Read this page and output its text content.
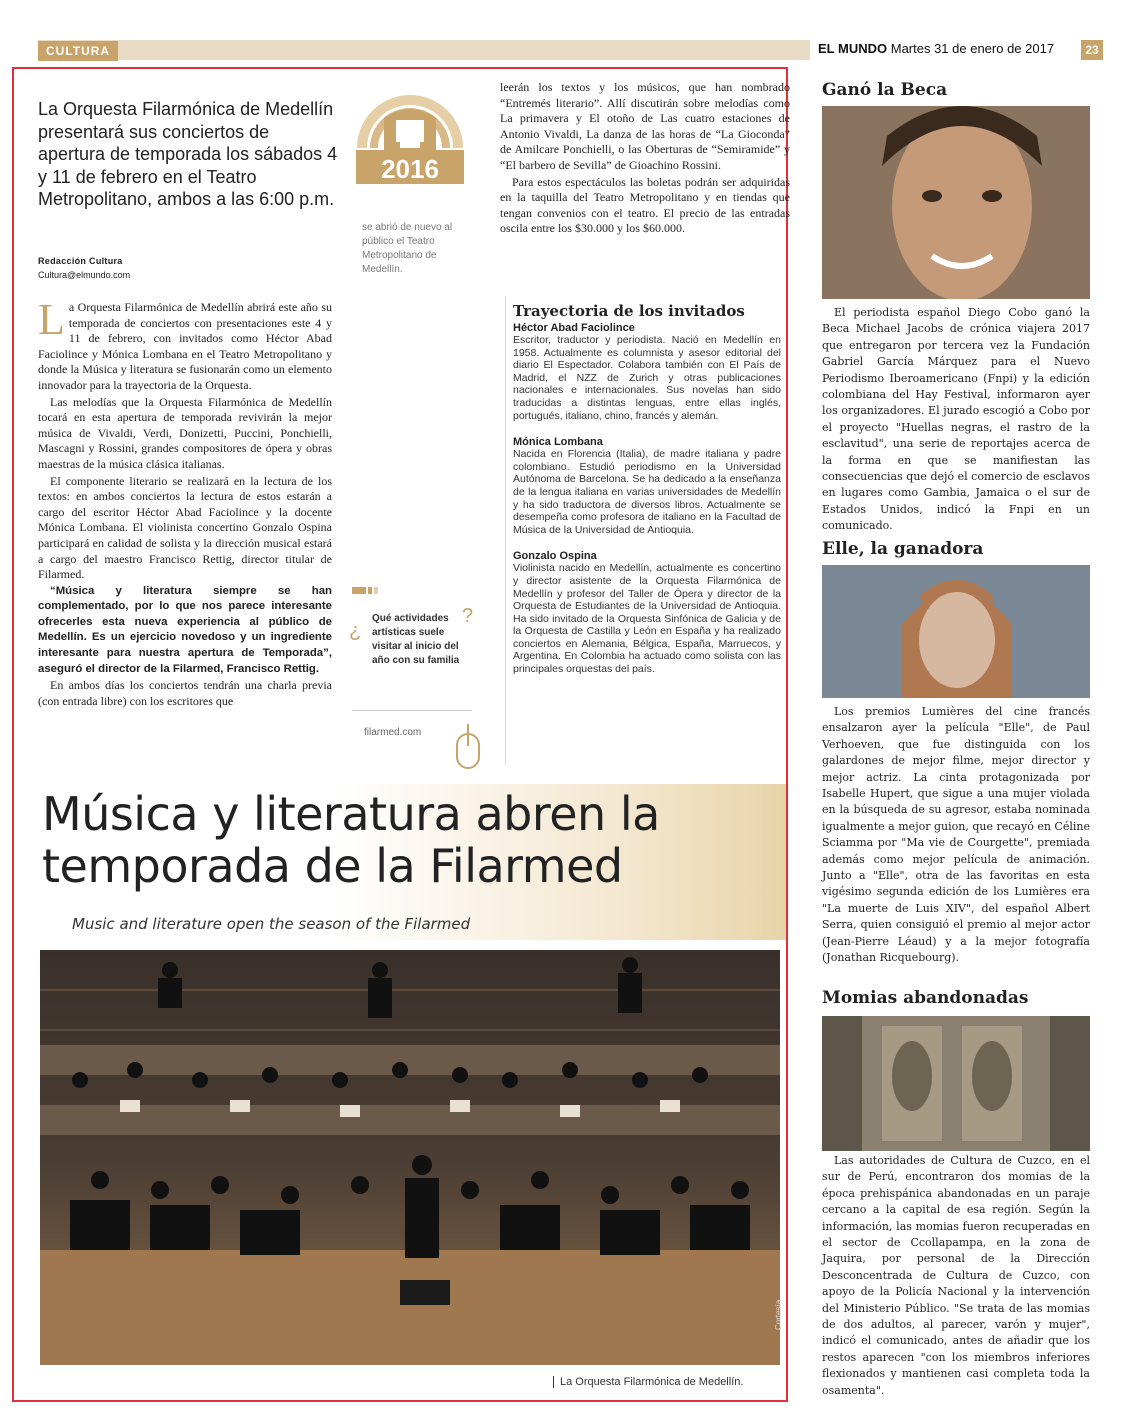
CULTURA	EL MUNDO Martes 31 de enero de 2017	23
La Orquesta Filarmónica de Medellín presentará sus conciertos de apertura de temporada los sábados 4 y 11 de febrero en el Teatro Metropolitano, ambos a las 6:00 p.m.
Redacción Cultura
Cultura@elmundo.com
L a Orquesta Filarmónica de Medellín abrirá este año su temporada de conciertos con presentaciones este 4 y 11 de febrero, con invitados como Héctor Abad Faciolince y Mónica Lombana en el Teatro Metropolitano y donde la Música y literatura se fusionarán como un elemento innovador para la trayectoria de la Orquesta.

Las melodías que la Orquesta Filarmónica de Medellín tocará en esta apertura de temporada revivirán la mejor música de Vivaldi, Verdi, Donizetti, Puccini, Ponchielli, Mascagni y Rossini, grandes compositores de ópera y obras maestras de la música clásica italianas.

El componente literario se realizará en la lectura de los textos: en ambos conciertos la lectura de estos estarán a cargo del escritor Héctor Abad Faciolince y la docente Mónica Lombana. El violinista concertino Gonzalo Ospina participará en calidad de solista y la dirección musical estará a cargo del maestro Francisco Rettig, director titular de Filarmed.

“Música y literatura siempre se han complementado, por lo que nos parece interesante ofrecerles esta nueva experiencia al público de Medellín. Es un ejercicio novedoso y un ingrediente interesante para nuestra apertura de Temporada”, aseguró el director de la Filarmed, Francisco Rettig.

En ambos días los conciertos tendrán una charla previa (con entrada libre) con los escritores que

2016
se abrió de nuevo al público el Teatro Metropolitano de Medellín.

leerán los textos y los músicos, que han nombrado “Entremés literario”. Allí discutirán sobre melodías como La primavera y El otoño de Las cuatro estaciones de Antonio Vivaldi, La danza de las horas de “La Gioconda” de Amilcare Ponchielli, o las Oberturas de “Semiramide” y “El barbero de Sevilla” de Gioachino Rossini.

Para estos espectáculos las boletas podrán ser adquiridas en la taquilla del Teatro Metropolitano y en tiendas que tengan convenios con el teatro. El precio de las entradas oscila entre los $30.000 y los $60.000.

Trayectoria de los invitados
Héctor Abad Faciolince
Escritor, traductor y periodista. Nació en Medellín en 1958. Actualmente es columnista y asesor editorial del diario El Espectador. Colabora también con El País de Madrid, el NZZ de Zurich y otras publicaciones nacionales e internacionales. Sus novelas han sido traducidas a distintas lenguas, entre ellas inglés, portugués, italiano, chino, francés y alemán.
Mónica Lombana
Nacida en Florencia (Italia), de madre italiana y padre colombiano. Estudió periodismo en la Universidad Autónoma de Barcelona. Se ha dedicado a la enseñanza de la lengua italiana en varias universidades de Medellín y ha sido traductora de diversos libros. Actualmente se desempeña como profesora de italiano en la Facultad de Música de la Universidad de Antioquia.
Gonzalo Ospina
Violinista nacido en Medellín, actualmente es concertino y director asistente de la Orquesta Filarmónica de Medellín y profesor del Taller de Ópera y director de la Orquesta de Estudiantes de la Universidad de Antioquia. Ha sido invitado de la Orquesta Sinfónica de Galicia y de la Orquesta de Castilla y León en España y ha realizado conciertos en Alemania, Bélgica, España, Marruecos, y Argentina. En Colombia ha actuado como solista con las principales orquestas del país.
¿
?
Qué actividades artísticas suele visitar al inicio del año con su familia
filarmed.com
Música y literatura abren la temporada de la Filarmed
Music and literature open the season of the Filarmed
Cortesía
La Orquesta Filarmónica de Medellín.
Ganó la Beca

El periodista español Diego Cobo ganó la Beca Michael Jacobs de crónica viajera 2017 que entregaron por tercera vez la Fundación Gabriel García Márquez para el Nuevo Periodismo Iberoamericano (Fnpi) y la edición colombiana del Hay Festival, informaron ayer los organizadores. El jurado escogió a Cobo por el proyecto "Huellas negras, el rastro de la esclavitud", una serie de reportajes acerca de la forma en que se manifiestan las consecuencias que dejó el comercio de esclavos en lugares como Gambia, Jamaica o el sur de Estados Unidos, indicó la Fnpi en un comunicado.

Elle, la ganadora

Los premios Lumières del cine francés ensalzaron ayer la película "Elle", de Paul Verhoeven, que fue distinguida con los galardones de mejor filme, mejor director y mejor actriz. La cinta protagonizada por Isabelle Hupert, que sigue a una mujer violada en la búsqueda de su agresor, estaba nominada igualmente a mejor guion, que recayó en Céline Sciamma por "Ma vie de Courgette", premiada además como mejor película de animación. Junto a "Elle", otra de las favoritas en esta vigésimo segunda edición de los Lumières era "La muerte de Luis XIV", del español Albert Serra, quien consiguió el premio al mejor actor (Jean-Pierre Léaud) y a la mejor fotografía (Jonathan Ricquebourg).

Momias abandonadas

Las autoridades de Cultura de Cuzco, en el sur de Perú, encontraron dos momias de la época prehispánica abandonadas en un paraje cercano a la capital de esa región. Según la información, las momias fueron recuperadas en el sector de Ccollapampa, en la zona de Jaquira, por personal de la Dirección Desconcentrada de Cultura de Cuzco, con apoyo de la Policía Nacional y la intervención del Ministerio Público. "Se trata de las momias de dos adultos, al parecer, varón y mujer", indicó el comunicado, antes de añadir que los restos aparecen "con los miembros inferiores flexionados y mantienen casi completa toda la osamenta".
